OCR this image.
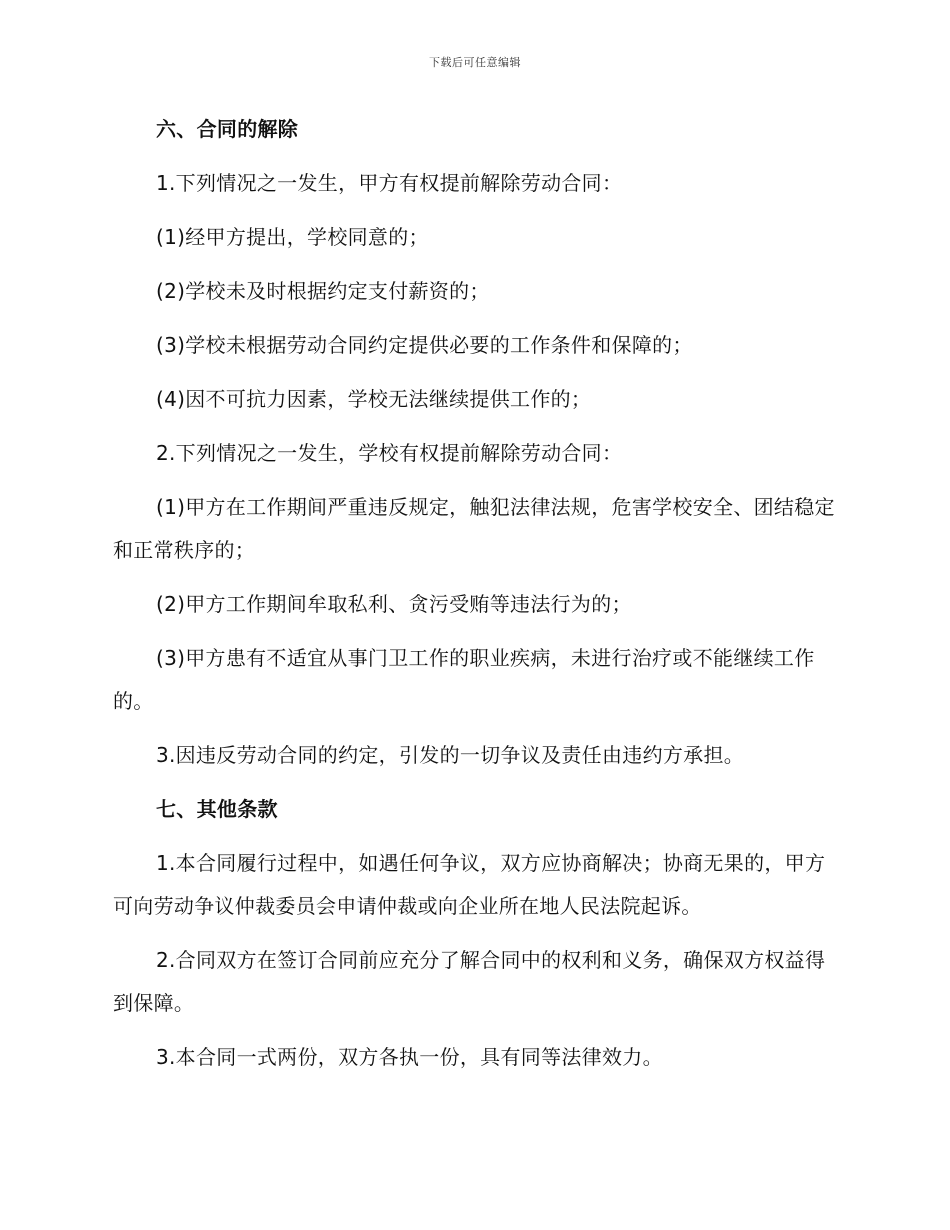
下载后可任意编辑

六、合同的解除

1.下列情况之一发生，甲方有权提前解除劳动合同：

(1)经甲方提出，学校同意的；

(2)学校未及时根据约定支付薪资的；

(3)学校未根据劳动合同约定提供必要的工作条件和保障的；

(4)因不可抗力因素，学校无法继续提供工作的；

2.下列情况之一发生，学校有权提前解除劳动合同：

(1)甲方在工作期间严重违反规定，触犯法律法规，危害学校安全、团结稳定和正常秩序的；

(2)甲方工作期间牟取私利、贪污受贿等违法行为的；

(3)甲方患有不适宜从事门卫工作的职业疾病，未进行治疗或不能继续工作的。

3.因违反劳动合同的约定，引发的一切争议及责任由违约方承担。

七、其他条款

1.本合同履行过程中，如遇任何争议，双方应协商解决；协商无果的，甲方可向劳动争议仲裁委员会申请仲裁或向企业所在地人民法院起诉。

2.合同双方在签订合同前应充分了解合同中的权利和义务，确保双方权益得到保障。

3.本合同一式两份，双方各执一份，具有同等法律效力。
